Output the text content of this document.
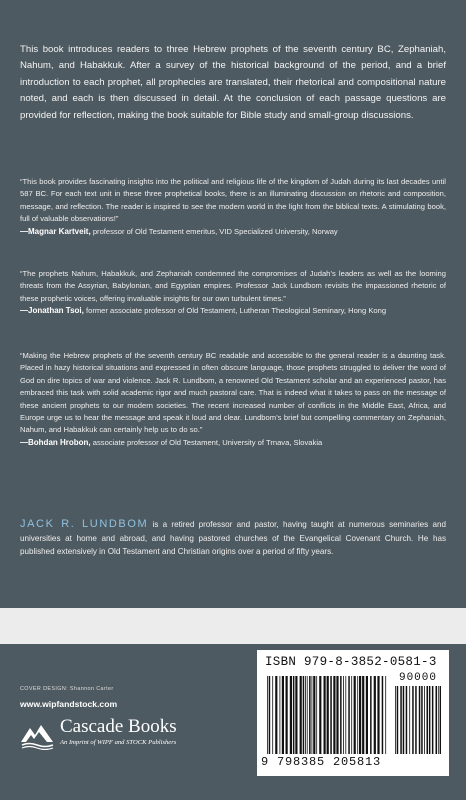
This book introduces readers to three Hebrew prophets of the seventh century BC, Zephaniah, Nahum, and Habakkuk. After a survey of the historical background of the period, and a brief introduction to each prophet, all prophecies are translated, their rhetorical and compositional nature noted, and each is then discussed in detail. At the conclusion of each passage questions are provided for reflection, making the book suitable for Bible study and small-group discussions.

“This book provides fascinating insights into the political and religious life of the kingdom of Judah during its last decades until 587 BC. For each text unit in these three prophetical books, there is an illuminating discussion on rhetoric and composition, message, and reflection. The reader is inspired to see the modern world in the light from the biblical texts. A stimulating book, full of valuable observations!”
—Magnar Kartveit, professor of Old Testament emeritus, VID Specialized University, Norway
“The prophets Nahum, Habakkuk, and Zephaniah condemned the compromises of Judah’s leaders as well as the looming threats from the Assyrian, Babylonian, and Egyptian empires. Professor Jack Lundbom revisits the impassioned rhetoric of these prophetic voices, offering invaluable insights for our own turbulent times.”
—Jonathan Tsoi, former associate professor of Old Testament, Lutheran Theological Seminary, Hong Kong
“Making the Hebrew prophets of the seventh century BC readable and accessible to the general reader is a daunting task. Placed in hazy historical situations and expressed in often obscure language, those prophets struggled to deliver the word of God on dire topics of war and violence. Jack R. Lundbom, a renowned Old Testament scholar and an experienced pastor, has embraced this task with solid academic rigor and much pastoral care. That is indeed what it takes to pass on the message of these ancient prophets to our modern societies. The recent increased number of conflicts in the Middle East, Africa, and Europe urge us to hear the message and speak it loud and clear. Lundbom’s brief but compelling commentary on Zephaniah, Nahum, and Habakkuk can certainly help us to do so.”
—Bohdan Hrobon, associate professor of Old Testament, University of Trnava, Slovakia
JACK R. LUNDBOM is a retired professor and pastor, having taught at numerous seminaries and universities at home and abroad, and having pastored churches of the Evangelical Covenant Church. He has published extensively in Old Testament and Christian origins over a period of fifty years.
COVER DESIGN: Shannon Carter
www.wipfandstock.com
Cascade Books
An Imprint of WIPF and STOCK Publishers
ISBN 979-8-3852-0581-3
90000
9 798385 205813
